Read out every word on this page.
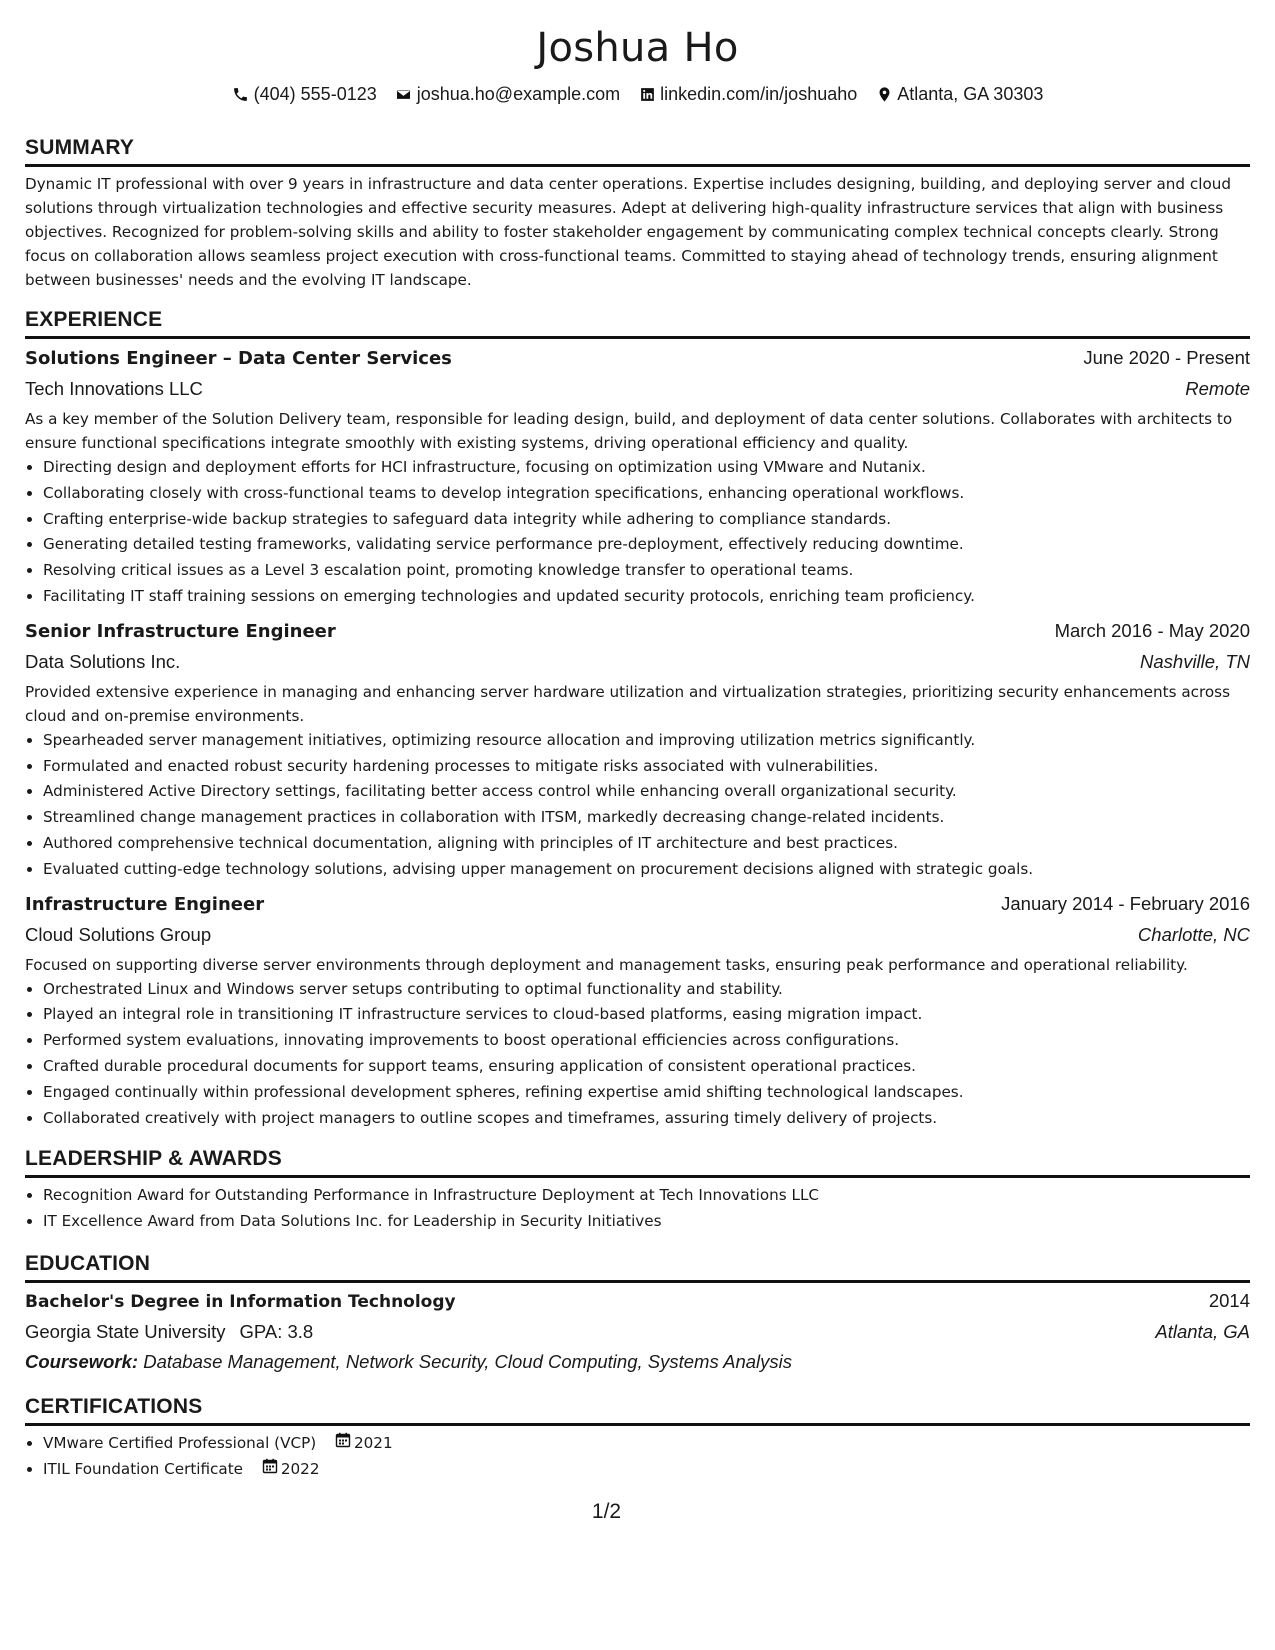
Joshua Ho
(404) 555-0123 joshua.ho@example.com linkedin.com/in/joshuaho Atlanta, GA 30303
SUMMARY

Dynamic IT professional with over 9 years in infrastructure and data center operations. Expertise includes designing, building, and deploying server and cloud solutions through virtualization technologies and effective security measures. Adept at delivering high-quality infrastructure services that align with business objectives. Recognized for problem-solving skills and ability to foster stakeholder engagement by communicating complex technical concepts clearly. Strong focus on collaboration allows seamless project execution with cross-functional teams. Committed to staying ahead of technology trends, ensuring alignment between businesses' needs and the evolving IT landscape.

EXPERIENCE
Solutions Engineer – Data Center Services	June 2020 - Present
Tech Innovations LLC	Remote

As a key member of the Solution Delivery team, responsible for leading design, build, and deployment of data center solutions. Collaborates with architects to ensure functional specifications integrate smoothly with existing systems, driving operational efficiency and quality.

• Directing design and deployment efforts for HCI infrastructure, focusing on optimization using VMware and Nutanix.
• Collaborating closely with cross-functional teams to develop integration specifications, enhancing operational workflows.
• Crafting enterprise-wide backup strategies to safeguard data integrity while adhering to compliance standards.
• Generating detailed testing frameworks, validating service performance pre-deployment, effectively reducing downtime.
• Resolving critical issues as a Level 3 escalation point, promoting knowledge transfer to operational teams.
• Facilitating IT staff training sessions on emerging technologies and updated security protocols, enriching team proficiency.
Senior Infrastructure Engineer	March 2016 - May 2020
Data Solutions Inc.	Nashville, TN

Provided extensive experience in managing and enhancing server hardware utilization and virtualization strategies, prioritizing security enhancements across cloud and on-premise environments.

• Spearheaded server management initiatives, optimizing resource allocation and improving utilization metrics significantly.
• Formulated and enacted robust security hardening processes to mitigate risks associated with vulnerabilities.
• Administered Active Directory settings, facilitating better access control while enhancing overall organizational security.
• Streamlined change management practices in collaboration with ITSM, markedly decreasing change-related incidents.
• Authored comprehensive technical documentation, aligning with principles of IT architecture and best practices.
• Evaluated cutting-edge technology solutions, advising upper management on procurement decisions aligned with strategic goals.
Infrastructure Engineer	January 2014 - February 2016
Cloud Solutions Group	Charlotte, NC

Focused on supporting diverse server environments through deployment and management tasks, ensuring peak performance and operational reliability.

• Orchestrated Linux and Windows server setups contributing to optimal functionality and stability.
• Played an integral role in transitioning IT infrastructure services to cloud-based platforms, easing migration impact.
• Performed system evaluations, innovating improvements to boost operational efficiencies across configurations.
• Crafted durable procedural documents for support teams, ensuring application of consistent operational practices.
• Engaged continually within professional development spheres, refining expertise amid shifting technological landscapes.
• Collaborated creatively with project managers to outline scopes and timeframes, assuring timely delivery of projects.
LEADERSHIP & AWARDS
• Recognition Award for Outstanding Performance in Infrastructure Deployment at Tech Innovations LLC
• IT Excellence Award from Data Solutions Inc. for Leadership in Security Initiatives
EDUCATION
Bachelor's Degree in Information Technology	2014
Georgia State University GPA: 3.8	Atlanta, GA
Coursework: Database Management, Network Security, Cloud Computing, Systems Analysis
CERTIFICATIONS
• VMware Certified Professional (VCP) 2021
• ITIL Foundation Certificate 2022
1/2
